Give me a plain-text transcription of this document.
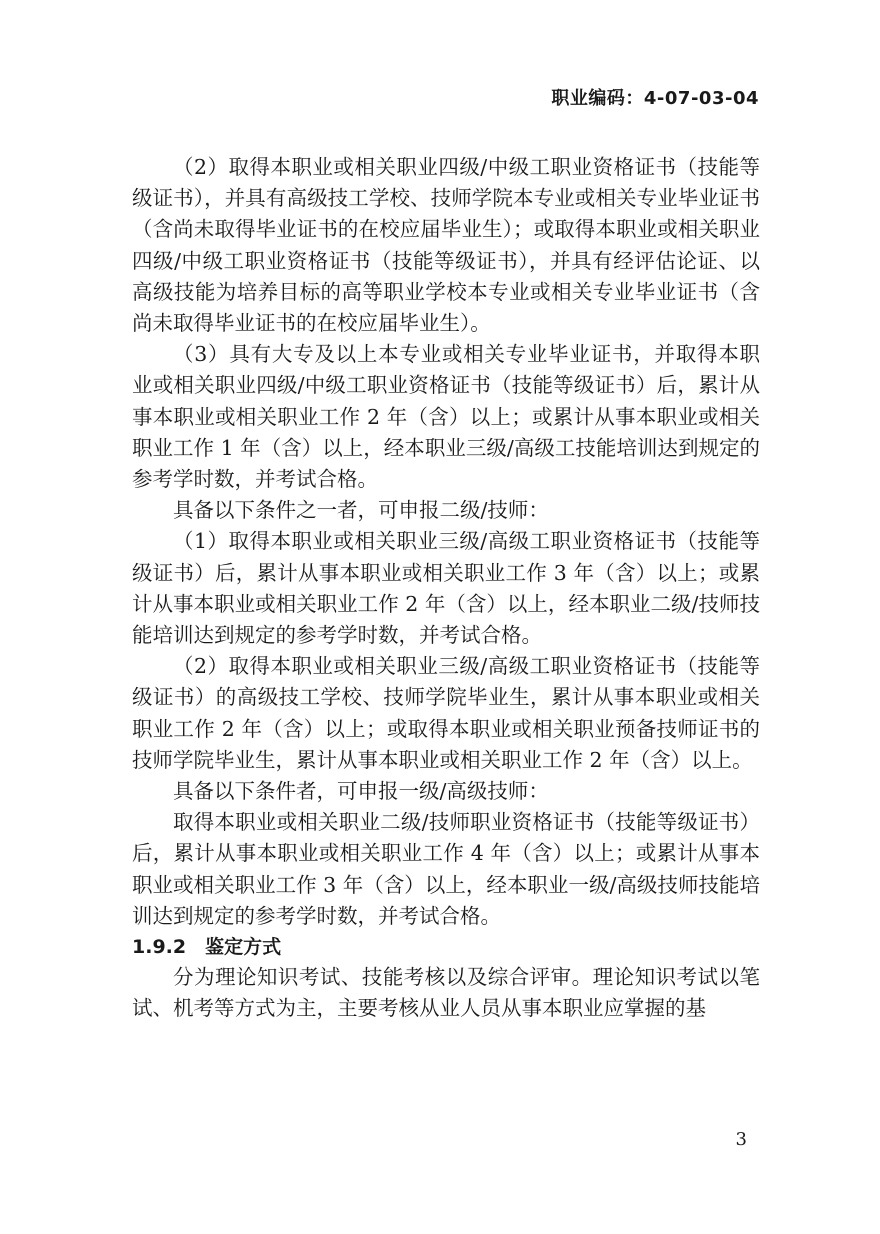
职业编码：4-07-03-04

（2）取得本职业或相关职业四级/中级工职业资格证书（技能等级证书），并具有高级技工学校、技师学院本专业或相关专业毕业证书（含尚未取得毕业证书的在校应届毕业生）；或取得本职业或相关职业四级/中级工职业资格证书（技能等级证书），并具有经评估论证、以高级技能为培养目标的高等职业学校本专业或相关专业毕业证书（含尚未取得毕业证书的在校应届毕业生）。

（3）具有大专及以上本专业或相关专业毕业证书，并取得本职业或相关职业四级/中级工职业资格证书（技能等级证书）后，累计从事本职业或相关职业工作 2 年（含）以上；或累计从事本职业或相关职业工作 1 年（含）以上，经本职业三级/高级工技能培训达到规定的参考学时数，并考试合格。

具备以下条件之一者，可申报二级/技师：

（1）取得本职业或相关职业三级/高级工职业资格证书（技能等级证书）后，累计从事本职业或相关职业工作 3 年（含）以上；或累计从事本职业或相关职业工作 2 年（含）以上，经本职业二级/技师技能培训达到规定的参考学时数，并考试合格。

（2）取得本职业或相关职业三级/高级工职业资格证书（技能等级证书）的高级技工学校、技师学院毕业生，累计从事本职业或相关职业工作 2 年（含）以上；或取得本职业或相关职业预备技师证书的技师学院毕业生，累计从事本职业或相关职业工作 2 年（含）以上。

具备以下条件者，可申报一级/高级技师：

取得本职业或相关职业二级/技师职业资格证书（技能等级证书）后，累计从事本职业或相关职业工作 4 年（含）以上；或累计从事本职业或相关职业工作 3 年（含）以上，经本职业一级/高级技师技能培训达到规定的参考学时数，并考试合格。

1.9.2　鉴定方式

分为理论知识考试、技能考核以及综合评审。理论知识考试以笔试、机考等方式为主，主要考核从业人员从事本职业应掌握的基

3
